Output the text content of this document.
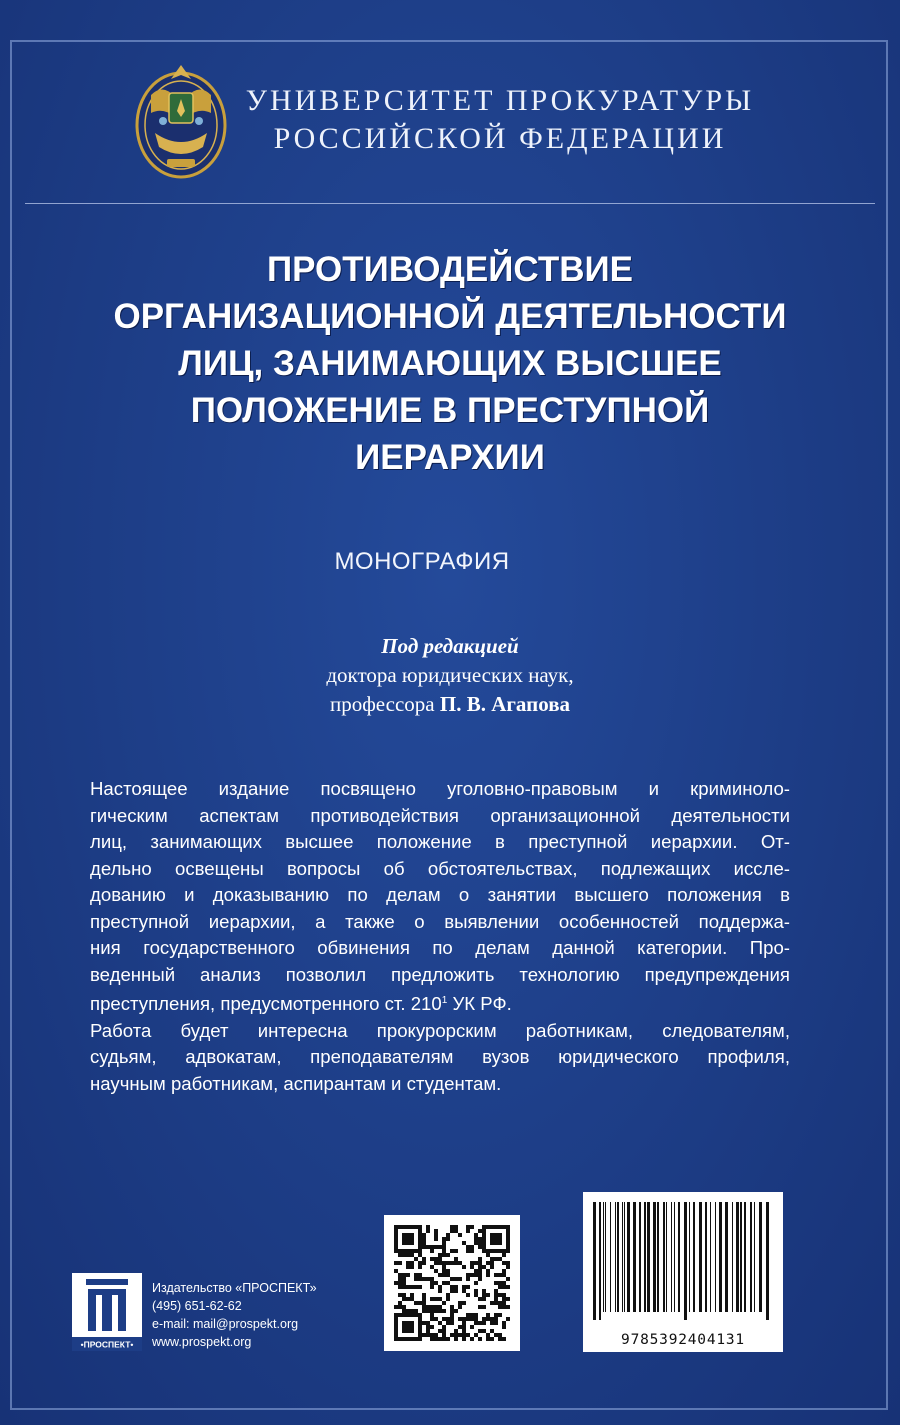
УНИВЕРСИТЕТ ПРОКУРАТУРЫ
РОССИЙСКОЙ ФЕДЕРАЦИИ
ПРОТИВОДЕЙСТВИЕ
ОРГАНИЗАЦИОННОЙ ДЕЯТЕЛЬНОСТИ
ЛИЦ, ЗАНИМАЮЩИХ ВЫСШЕЕ
ПОЛОЖЕНИЕ В ПРЕСТУПНОЙ
ИЕРАРХИИ
МОНОГРАФИЯ
Под редакцией
доктора юридических наук,
профессора П. В. Агапова
Настоящее издание посвящено уголовно-правовым и криминоло-
гическим аспектам противодействия организационной деятельности
лиц, занимающих высшее положение в преступной иерархии. От-
дельно освещены вопросы об обстоятельствах, подлежащих иссле-
дованию и доказыванию по делам о занятии высшего положения в
преступной иерархии, а также о выявлении особенностей поддержа-
ния государственного обвинения по делам данной категории. Про-
веденный анализ позволил предложить технологию предупреждения
преступления, предусмотренного ст. $210^1$ УК РФ.
Работа будет интересна прокурорским работникам, следователям,
судьям, адвокатам, преподавателям вузов юридического профиля,
научным работникам, аспирантам и студентам.
•ПРОСПЕКТ•
Издательство «ПРОСПЕКТ»
(495) 651-62-62
e-mail: mail@prospekt.org
www.prospekt.org	9785392404131
